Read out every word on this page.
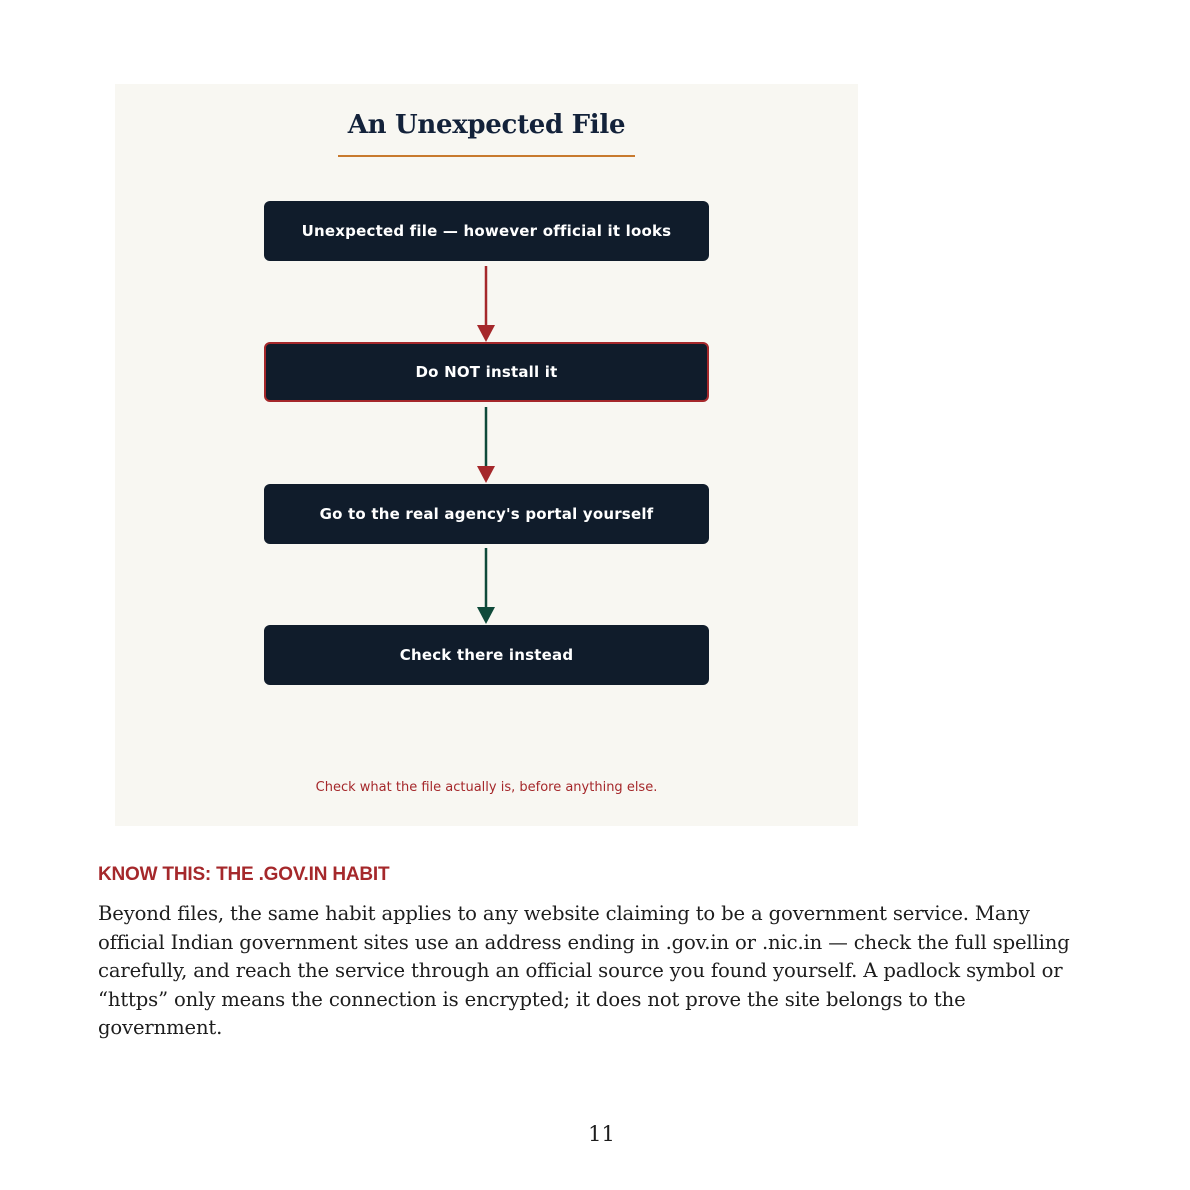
An Unexpected File
Unexpected file — however official it looks
Do NOT install it
Go to the real agency's portal yourself
Check there instead
Check what the file actually is, before anything else.
KNOW THIS: THE .GOV.IN HABIT

Beyond files, the same habit applies to any website claiming to be a government service. Many official Indian government sites use an address ending in .gov.in or .nic.in — check the full spelling carefully, and reach the service through an official source you found yourself. A padlock symbol or “https” only means the connection is encrypted; it does not prove the site belongs to the government.

11
